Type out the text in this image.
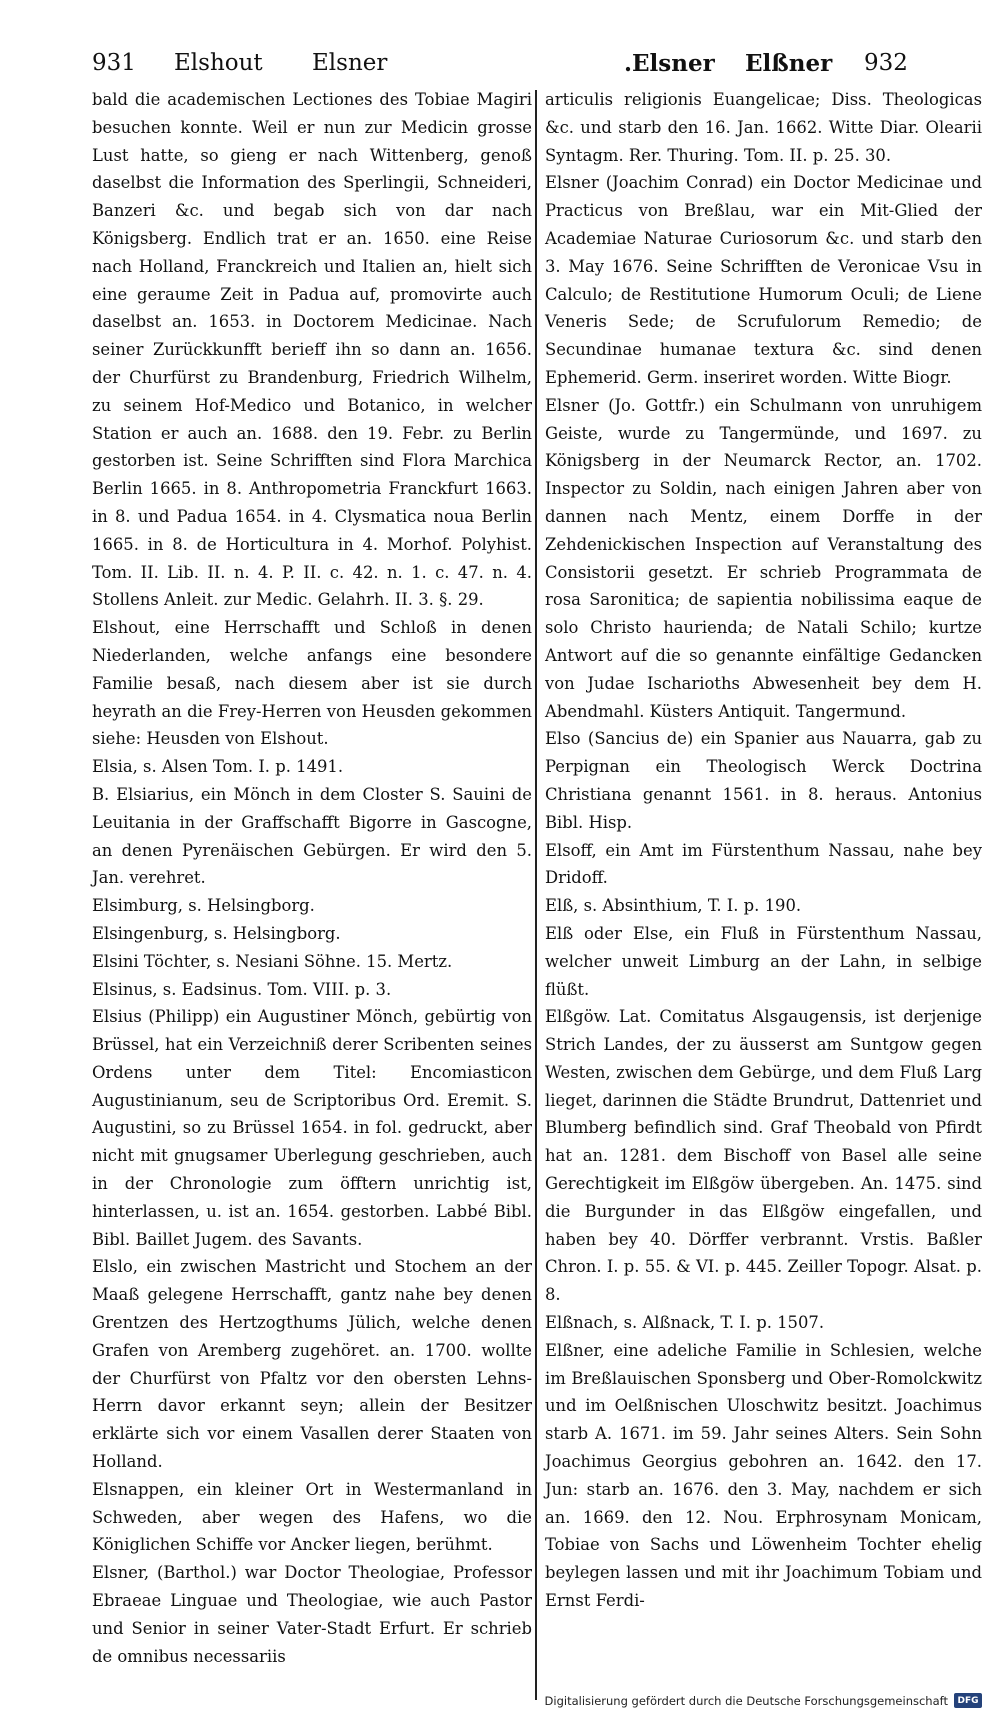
931 Elshout Elsner	.Elsner Elßner 932

bald die academischen Lectiones des Tobiae Magiri besuchen konnte. Weil er nun zur Medicin grosse Lust hatte, so gieng er nach Wittenberg, genoß daselbst die Information des Sperlingii, Schneideri, Banzeri &c. und begab sich von dar nach Königsberg. Endlich trat er an. 1650. eine Reise nach Holland, Franckreich und Italien an, hielt sich eine geraume Zeit in Padua auf, promovirte auch daselbst an. 1653. in Doctorem Medicinae. Nach seiner Zurückkunfft berieff ihn so dann an. 1656. der Churfürst zu Brandenburg, Friedrich Wilhelm, zu seinem Hof-Medico und Botanico, in welcher Station er auch an. 1688. den 19. Febr. zu Berlin gestorben ist. Seine Schrifften sind Flora Marchica Berlin 1665. in 8. Anthropometria Franckfurt 1663. in 8. und Padua 1654. in 4. Clysmatica noua Berlin 1665. in 8. de Horticultura in 4. Morhof. Polyhist. Tom. II. Lib. II. n. 4. P. II. c. 42. n. 1. c. 47. n. 4. Stollens Anleit. zur Medic. Gelahrh. II. 3. §. 29.

Elshout, eine Herrschafft und Schloß in denen Niederlanden, welche anfangs eine besondere Familie besaß, nach diesem aber ist sie durch heyrath an die Frey-Herren von Heusden gekommen siehe: Heusden von Elshout.

Elsia, s. Alsen Tom. I. p. 1491.

B. Elsiarius, ein Mönch in dem Closter S. Sauini de Leuitania in der Graffschafft Bigorre in Gascogne, an denen Pyrenäischen Gebürgen. Er wird den 5. Jan. verehret.

Elsimburg, s. Helsingborg.

Elsingenburg, s. Helsingborg.

Elsini Töchter, s. Nesiani Söhne. 15. Mertz.

Elsinus, s. Eadsinus. Tom. VIII. p. 3.

Elsius (Philipp) ein Augustiner Mönch, gebürtig von Brüssel, hat ein Verzeichniß derer Scribenten seines Ordens unter dem Titel: Encomiasticon Augustinianum, seu de Scriptoribus Ord. Eremit. S. Augustini, so zu Brüssel 1654. in fol. gedruckt, aber nicht mit gnugsamer Uberlegung geschrieben, auch in der Chronologie zum öfftern unrichtig ist, hinterlassen, u. ist an. 1654. gestorben. Labbé Bibl. Bibl. Baillet Jugem. des Savants.

Elslo, ein zwischen Mastricht und Stochem an der Maaß gelegene Herrschafft, gantz nahe bey denen Grentzen des Hertzogthums Jülich, welche denen Grafen von Aremberg zugehöret. an. 1700. wollte der Churfürst von Pfaltz vor den obersten Lehns-Herrn davor erkannt seyn; allein der Besitzer erklärte sich vor einem Vasallen derer Staaten von Holland.

Elsnappen, ein kleiner Ort in Westermanland in Schweden, aber wegen des Hafens, wo die Königlichen Schiffe vor Ancker liegen, berühmt.

Elsner, (Barthol.) war Doctor Theologiae, Professor Ebraeae Linguae und Theologiae, wie auch Pastor und Senior in seiner Vater-Stadt Erfurt. Er schrieb de omnibus necessariis

articulis religionis Euangelicae; Diss. Theologicas &c. und starb den 16. Jan. 1662. Witte Diar. Olearii Syntagm. Rer. Thuring. Tom. II. p. 25. 30.

Elsner (Joachim Conrad) ein Doctor Medicinae und Practicus von Breßlau, war ein Mit-Glied der Academiae Naturae Curiosorum &c. und starb den 3. May 1676. Seine Schrifften de Veronicae Vsu in Calculo; de Restitutione Humorum Oculi; de Liene Veneris Sede; de Scrufulorum Remedio; de Secundinae humanae textura &c. sind denen Ephemerid. Germ. inseriret worden. Witte Biogr.

Elsner (Jo. Gottfr.) ein Schulmann von unruhigem Geiste, wurde zu Tangermünde, und 1697. zu Königsberg in der Neumarck Rector, an. 1702. Inspector zu Soldin, nach einigen Jahren aber von dannen nach Mentz, einem Dorffe in der Zehdenickischen Inspection auf Veranstaltung des Consistorii gesetzt. Er schrieb Programmata de rosa Saronitica; de sapientia nobilissima eaque de solo Christo haurienda; de Natali Schilo; kurtze Antwort auf die so genannte einfältige Gedancken von Judae Ischarioths Abwesenheit bey dem H. Abendmahl. Küsters Antiquit. Tangermund.

Elso (Sancius de) ein Spanier aus Nauarra, gab zu Perpignan ein Theologisch Werck Doctrina Christiana genannt 1561. in 8. heraus. Antonius Bibl. Hisp.

Elsoff, ein Amt im Fürstenthum Nassau, nahe bey Dridoff.

Elß, s. Absinthium, T. I. p. 190.

Elß oder Else, ein Fluß in Fürstenthum Nassau, welcher unweit Limburg an der Lahn, in selbige flüßt.

Elßgöw. Lat. Comitatus Alsgaugensis, ist derjenige Strich Landes, der zu äusserst am Suntgow gegen Westen, zwischen dem Gebürge, und dem Fluß Larg lieget, darinnen die Städte Brundrut, Dattenriet und Blumberg befindlich sind. Graf Theobald von Pfirdt hat an. 1281. dem Bischoff von Basel alle seine Gerechtigkeit im Elßgöw übergeben. An. 1475. sind die Burgunder in das Elßgöw eingefallen, und haben bey 40. Dörffer verbrannt. Vrstis. Baßler Chron. I. p. 55. & VI. p. 445. Zeiller Topogr. Alsat. p. 8.

Elßnach, s. Alßnack, T. I. p. 1507.

Elßner, eine adeliche Familie in Schlesien, welche im Breßlauischen Sponsberg und Ober-Romolckwitz und im Oelßnischen Uloschwitz besitzt. Joachimus starb A. 1671. im 59. Jahr seines Alters. Sein Sohn Joachimus Georgius gebohren an. 1642. den 17. Jun: starb an. 1676. den 3. May, nachdem er sich an. 1669. den 12. Nou. Erphrosynam Monicam, Tobiae von Sachs und Löwenheim Tochter ehelig beylegen lassen und mit ihr Joachimum Tobiam und Ernst Ferdi-

Digitalisierung gefördert durch die Deutsche Forschungsgemeinschaft	DFG
